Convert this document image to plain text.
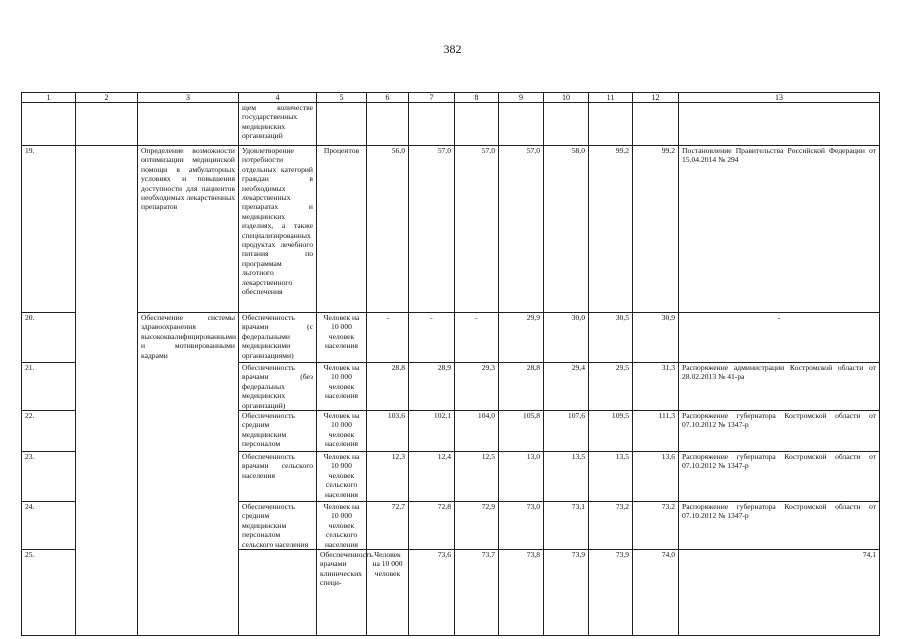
382
1	2	3	4	5	6	7	8	9	10	11	12	13	
			щем количестве государственных медицинских организаций										
19.		Определение возможности оптимизации медицинской помощи в амбулаторных условиях и повышения доступности для пациентов необходимых лекарственных препаратов	Удовлетворение потребности отдельных категорий граждан в необходимых лекарственных препаратах и медицинских изделиях, а также специализированных продуктах лечебного питания по программам льготного лекарственного обеспечения	Процентов	56,0	57,0	57,0	57,0	58,0	99,2	99,2	Постановление Правительства Российской Федерации от 15.04.2014 № 294	
20.		Обеспечение системы здравоохранения высококвалифицированными и мотивированными кадрами	Обеспеченность врачами (с федеральными медицинскими организациями)	Человек на 10 000 человек населения	-	-	-	29,9	30,0	30,5	30,9	-	
21.			Обеспеченность врачами (без федеральных медицинских организаций)	Человек на 10 000 человек населения	28,8	28,9	29,3	28,8	29,4	29,5	31,3	Распоряжение администрации Костромской области от 28.02.2013 № 41-ра	
22.			Обеспеченность средним медицинским персоналом	Человек на 10 000 человек населения	103,6	102,1	104,0	105,8	107,6	109,5	111,3	Распоряжение губернатора Костромской области от 07.10.2012 № 1347-р	
23.			Обеспеченность врачами сельского населения	Человек на 10 000 человек сельского населения	12,3	12,4	12,5	13,0	13,5	13,5	13,6	Распоряжение губернатора Костромской области от 07.10.2012 № 1347-р	
24.			Обеспеченность средним медицинским персоналом сельского населения	Человек на 10 000 человек сельского населения	72,7	72,8	72,9	73,0	73,1	73,2	73,2	Распоряжение губернатора Костромской области от 07.10.2012 № 1347-р	
25.				Обеспеченность врачами клинических специ-	Человек на 10 000 человек	73,6	73,7	73,8	73,9	73,9	74,0	74,1	
